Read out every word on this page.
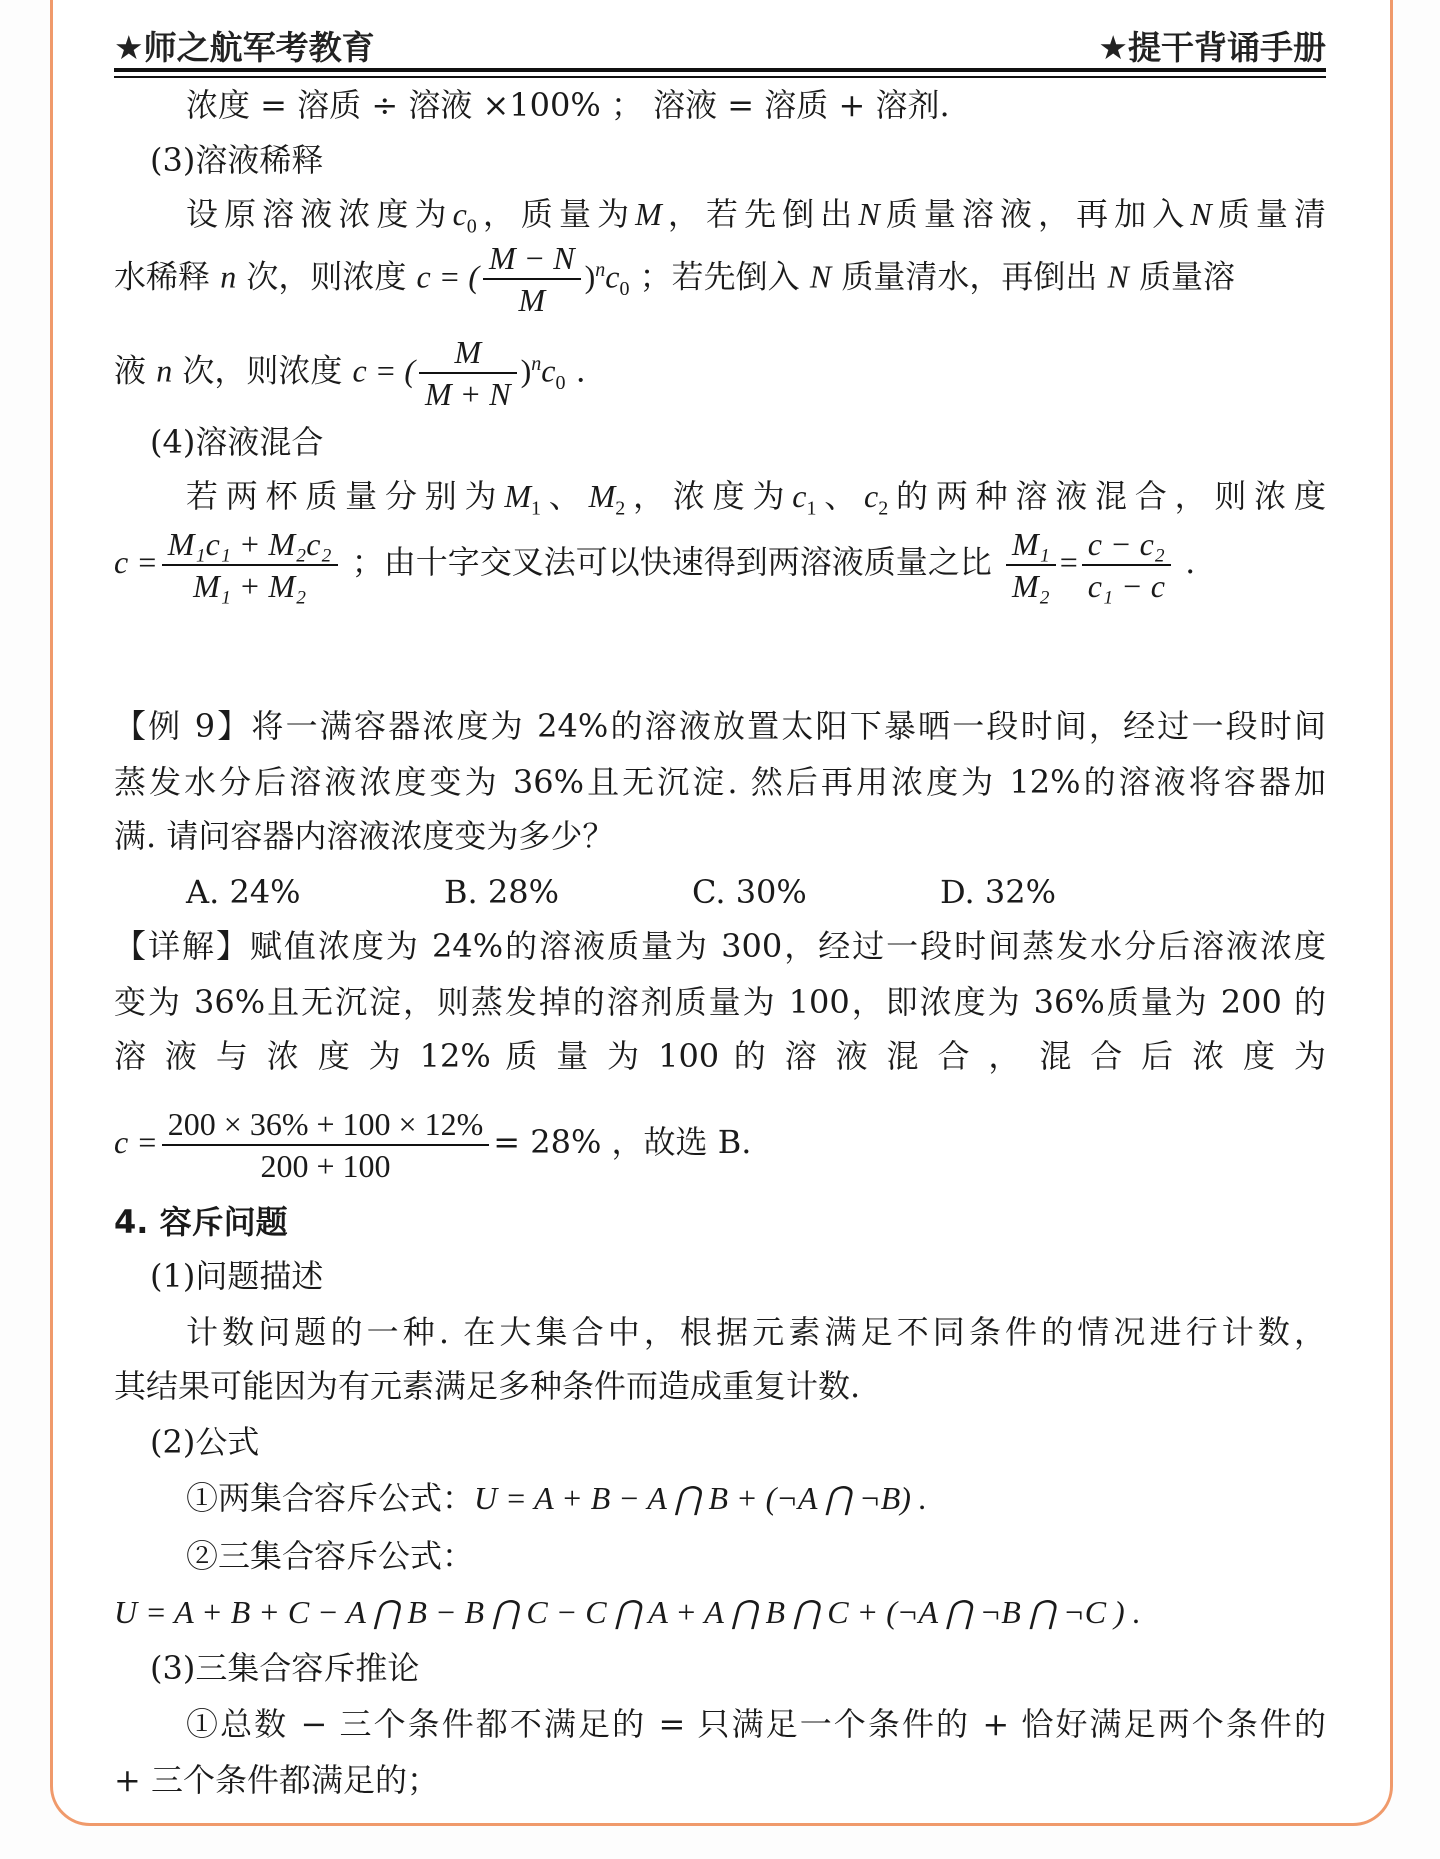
★师之航军考教育	★提干背诵手册
浓度 = 溶质 ÷ 溶液 ×100% ； 溶液 = 溶质 + 溶剂.
(3)溶液稀释
设原溶液浓度为$c_0$，质量为M，若先倒出N质量溶液，再加入N质量清
水稀释 n 次，则浓度 c = ( $\frac{M - N}{M} )^nc_0$ ；若先倒入 N 质量清水，再倒出 N 质量溶
液 n 次，则浓度 c = ( $\frac{M}{M + N} )^nc_0$ .
(4)溶液混合
若两杯质量分别为$M_1$、$M_2$，浓度为$c_1$、$c_2$的两种溶液混合，则浓度
$c = \frac{\text{M₁c₁ + M₂c₂}}{\text{M₁ + M₂}}$ ；由十字交叉法可以快速得到两溶液质量之比 $\frac{\text{M₁}}{\text{M₂}} = \frac{\text{c − c₂}}{\text{c₁ − c}}$ .
【例 9】将一满容器浓度为 24%的溶液放置太阳下暴晒一段时间，经过一段时间
蒸发水分后溶液浓度变为 36%且无沉淀. 然后再用浓度为 12%的溶液将容器加
满. 请问容器内溶液浓度变为多少？
A. 24%	B. 28%	C. 30%	D. 32%
【详解】赋值浓度为 24%的溶液质量为 300，经过一段时间蒸发水分后溶液浓度
变为 36%且无沉淀，则蒸发掉的溶剂质量为 100，即浓度为 36%质量为 200 的
溶 液 与 浓 度 为 12% 质 量 为 100 的 溶 液 混 合 ， 混 合 后 浓 度 为
$c = \frac{200 \times 36\% + 100 \times 12\%}{200 + 100} = 28\%$ ，故选 B.
4. 容斥问题
(1)问题描述
计数问题的一种. 在大集合中，根据元素满足不同条件的情况进行计数，
其结果可能因为有元素满足多种条件而造成重复计数.
(2)公式
①两集合容斥公式：U = A + B − A ⋂ B + (¬A ⋂ ¬B) .
②三集合容斥公式：
U = A + B + C − A ⋂ B − B ⋂ C − C ⋂ A + A ⋂ B ⋂ C + (¬A ⋂ ¬B ⋂ ¬C ) .
(3)三集合容斥推论
①总数 − 三个条件都不满足的 = 只满足一个条件的 + 恰好满足两个条件的
+ 三个条件都满足的；
